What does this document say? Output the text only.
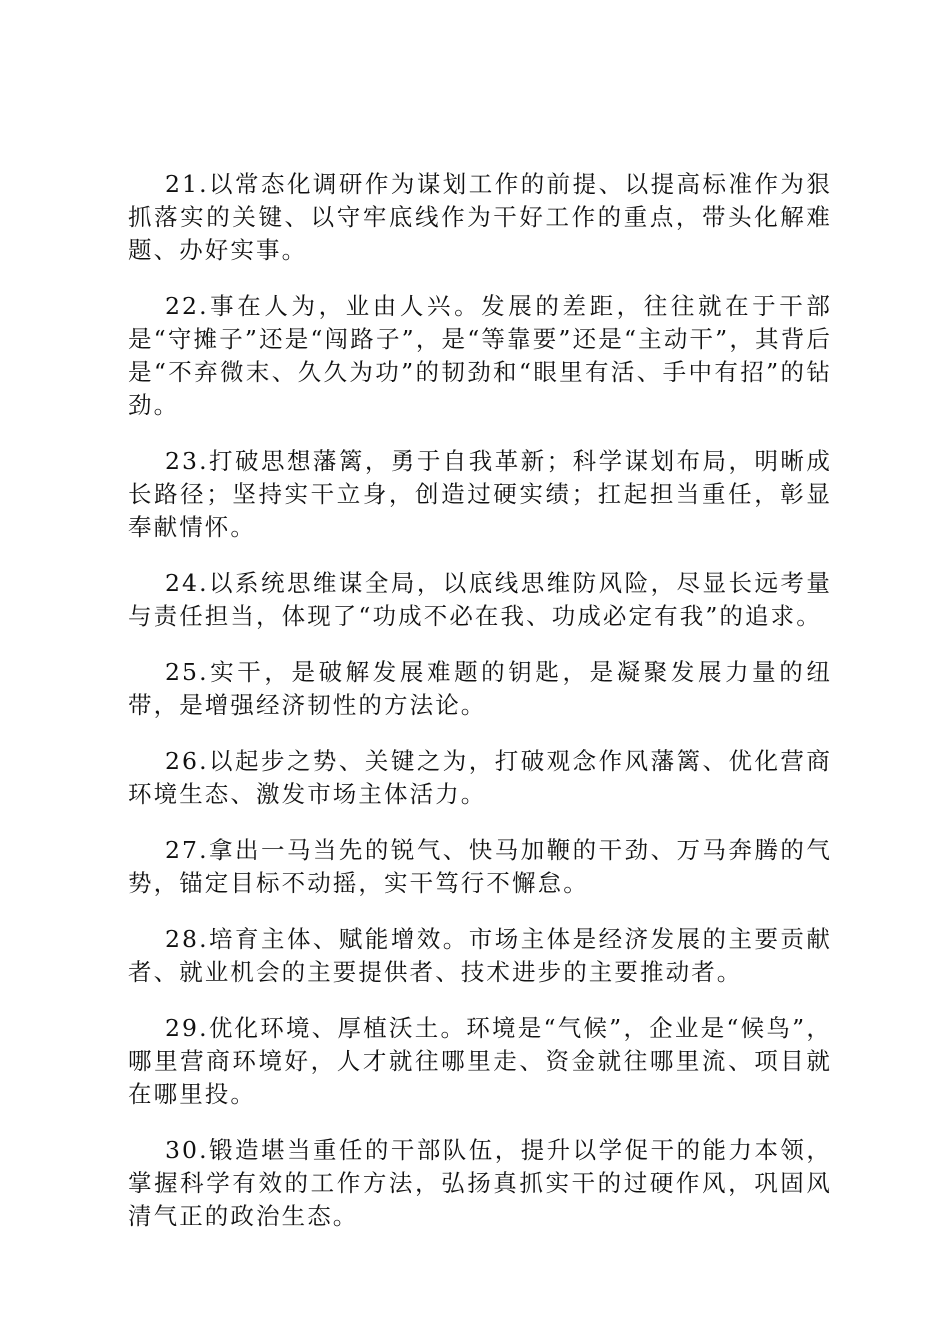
21.以常态化调研作为谋划工作的前提、以提高标准作为狠抓落实的关键、以守牢底线作为干好工作的重点，带头化解难题、办好实事。

22.事在人为，业由人兴。发展的差距，往往就在于干部是“守摊子”还是“闯路子”，是“等靠要”还是“主动干”，其背后是“不弃微末、久久为功”的韧劲和“眼里有活、手中有招”的钻劲。

23.打破思想藩篱，勇于自我革新；科学谋划布局，明晰成长路径；坚持实干立身，创造过硬实绩；扛起担当重任，彰显奉献情怀。

24.以系统思维谋全局，以底线思维防风险，尽显长远考量与责任担当，体现了“功成不必在我、功成必定有我”的追求。

25.实干，是破解发展难题的钥匙，是凝聚发展力量的纽带，是增强经济韧性的方法论。

26.以起步之势、关键之为，打破观念作风藩篱、优化营商环境生态、激发市场主体活力。

27.拿出一马当先的锐气、快马加鞭的干劲、万马奔腾的气势，锚定目标不动摇，实干笃行不懈怠。

28.培育主体、赋能增效。市场主体是经济发展的主要贡献者、就业机会的主要提供者、技术进步的主要推动者。

29.优化环境、厚植沃土。环境是“气候”，企业是“候鸟”，哪里营商环境好，人才就往哪里走、资金就往哪里流、项目就在哪里投。

30.锻造堪当重任的干部队伍，提升以学促干的能力本领，掌握科学有效的工作方法，弘扬真抓实干的过硬作风，巩固风清气正的政治生态。
